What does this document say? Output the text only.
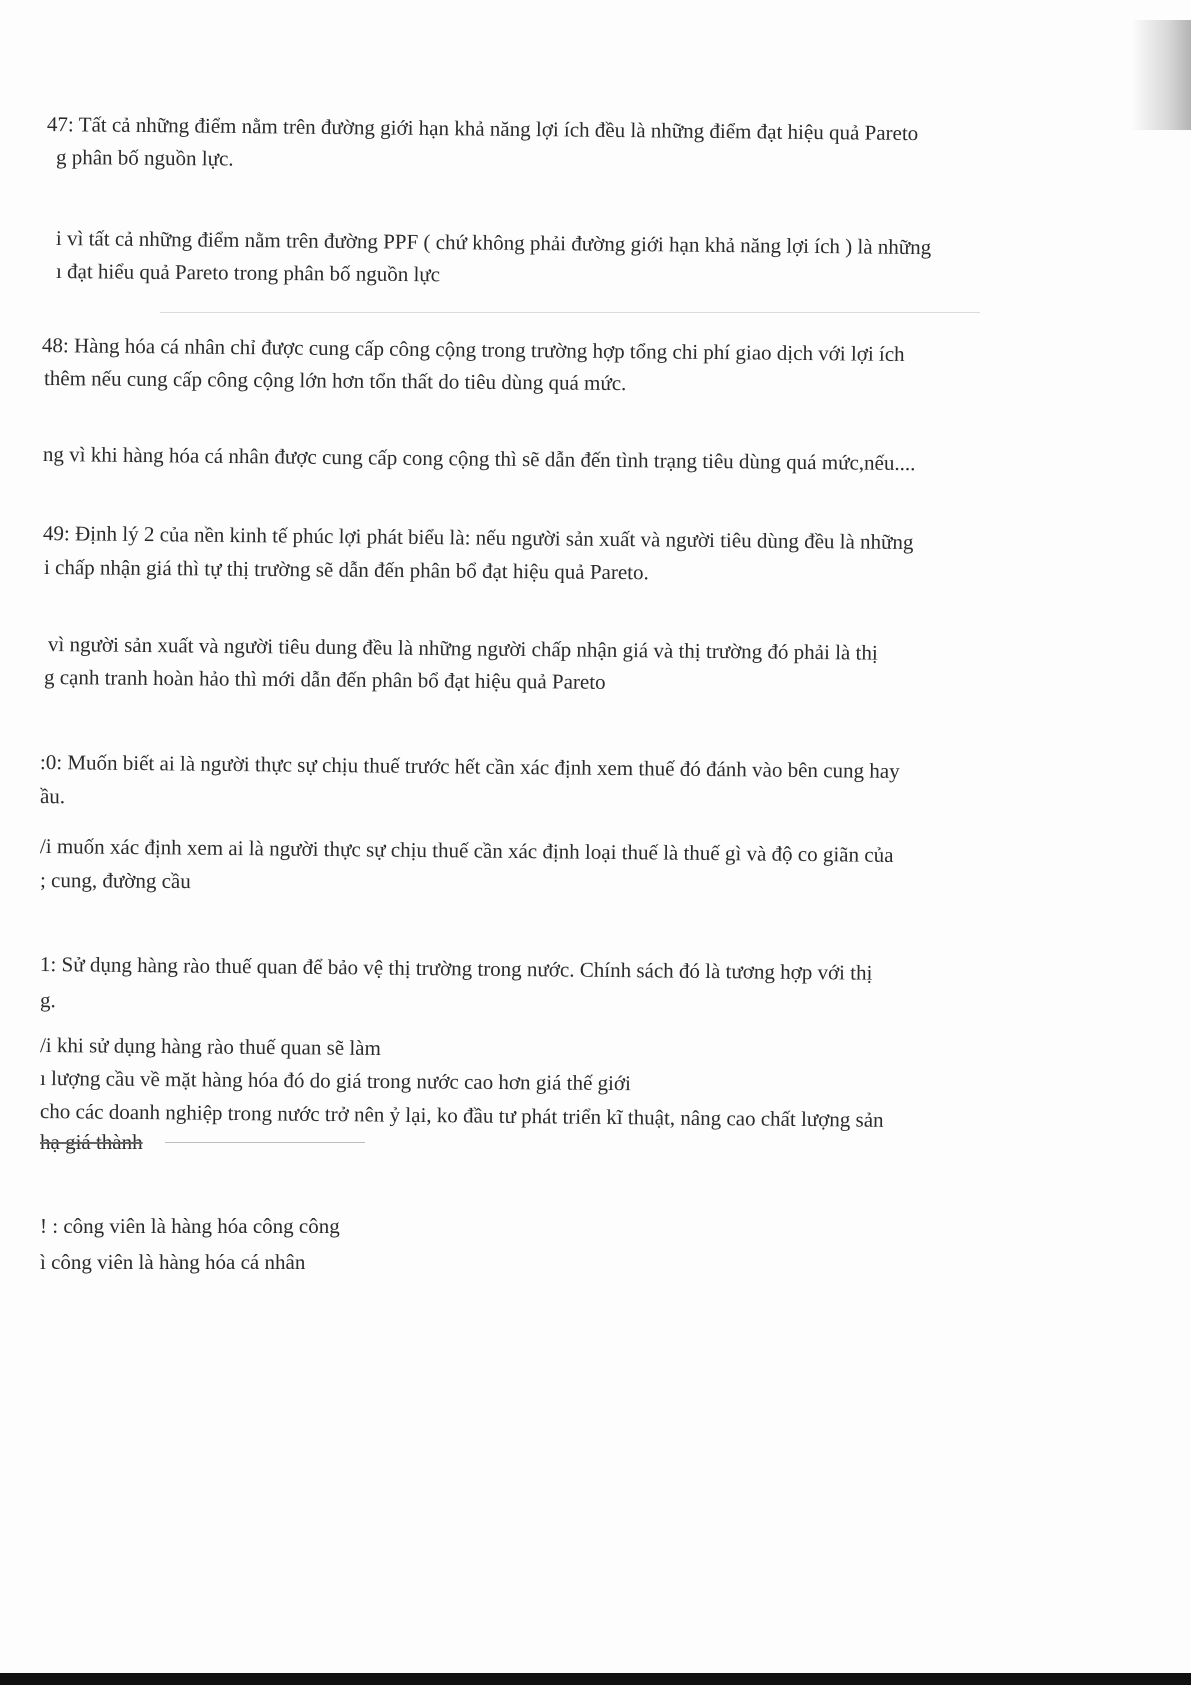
47: Tất cả những điểm nằm trên đường giới hạn khả năng lợi ích đều là những điểm đạt hiệu quả Pareto
g phân bố nguồn lực.
i vì tất cả những điểm nằm trên đường PPF ( chứ không phải đường giới hạn khả năng lợi ích ) là những
ı đạt hiểu quả Pareto trong phân bố nguồn lực
48: Hàng hóa cá nhân chỉ được cung cấp công cộng trong trường hợp tổng chi phí giao dịch với lợi ích
thêm nếu cung cấp công cộng lớn hơn tổn thất do tiêu dùng quá mức.
ng vì khi hàng hóa cá nhân được cung cấp cong cộng thì sẽ dẫn đến tình trạng tiêu dùng quá mức,nếu....
49: Định lý 2 của nền kinh tế phúc lợi phát biểu là: nếu người sản xuất và người tiêu dùng đều là những
i chấp nhận giá thì tự thị trường sẽ dẫn đến phân bổ đạt hiệu quả Pareto.
vì người sản xuất và người tiêu dung đều là những người chấp nhận giá và thị trường đó phải là thị
g cạnh tranh hoàn hảo thì mới dẫn đến phân bổ đạt hiệu quả Pareto
:0: Muốn biết ai là người thực sự chịu thuế trước hết cần xác định xem thuế đó đánh vào bên cung hay
ầu.
/i muốn xác định xem ai là người thực sự chịu thuế cần xác định loại thuế là thuế gì và độ co giãn của
; cung, đường cầu
1: Sử dụng hàng rào thuế quan để bảo vệ thị trường trong nước. Chính sách đó là tương hợp với thị
g.
/i khi sử dụng hàng rào thuế quan sẽ làm
ı lượng cầu về mặt hàng hóa đó do giá trong nước cao hơn giá thế giới
cho các doanh nghiệp trong nước trở nên ỷ lại, ko đầu tư phát triển kĩ thuật, nâng cao chất lượng sản
hạ giá thành
! : công viên là hàng hóa công công
ì công viên là hàng hóa cá nhân
